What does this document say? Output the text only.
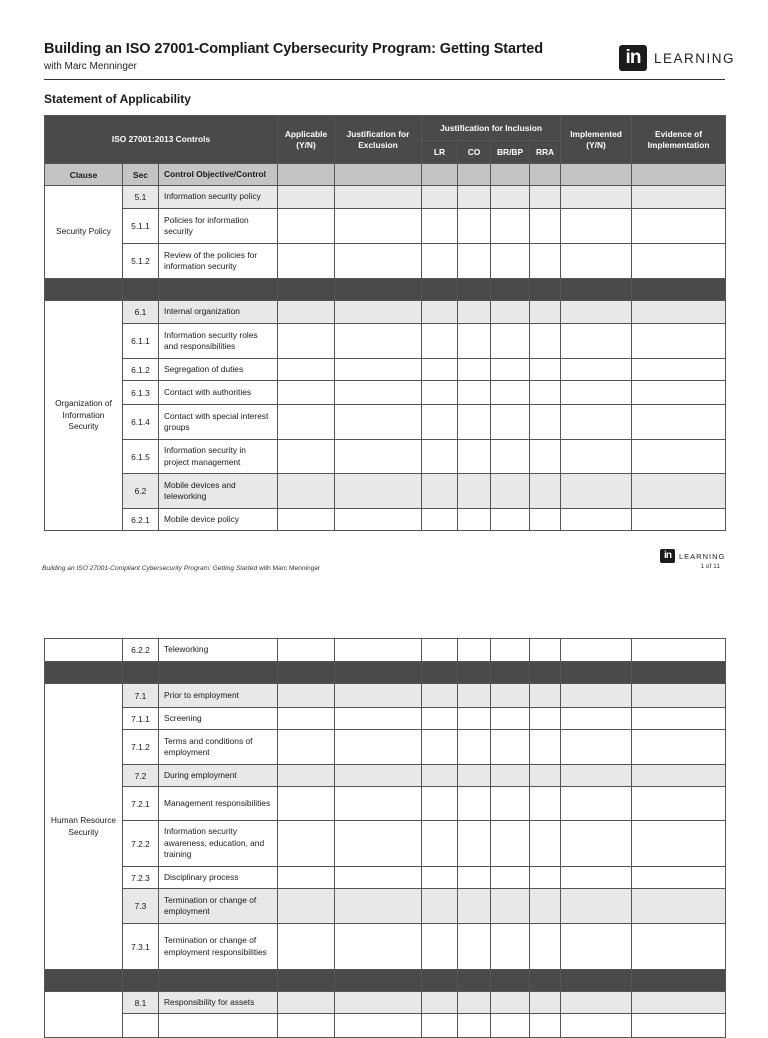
Building an ISO 27001-Compliant Cybersecurity Program: Getting Started
with Marc Menninger	in	LEARNING
Statement of Applicability
ISO 27001:2013 Controls			Applicable (Y/N)	Justification for Exclusion	Justification for Inclusion				Implemented (Y/N)	Evidence of Implementation
					LR	CO	BR/BP	RRA		
Clause	Sec	Control Objective/Control								
Security Policy	5.1	Information security policy								
	5.1.1	Policies for information security								
	5.1.2	Review of the policies for information security								

Organization of Information Security	6.1	Internal organization								
	6.1.1	Information security roles and responsibilities								
	6.1.2	Segregation of duties								
	6.1.3	Contact with authorities								
	6.1.4	Contact with special interest groups								
	6.1.5	Information security in project management								
	6.2	Mobile devices and teleworking								
	6.2.1	Mobile device policy								
Building an ISO 27001-Compliant Cybersecurity Program: Getting Started with Marc Menninger
in	LEARNING
1 of 11
	6.2.2	Teleworking								

Human Resource Security	7.1	Prior to employment								
	7.1.1	Screening								
	7.1.2	Terms and conditions of employment								
	7.2	During employment								
	7.2.1	Management responsibilities								
	7.2.2	Information security awareness, education, and training								
	7.2.3	Disciplinary process								
	7.3	Termination or change of employment								
	7.3.1	Termination or change of employment responsibilities								

	8.1	Responsibility for assets								
